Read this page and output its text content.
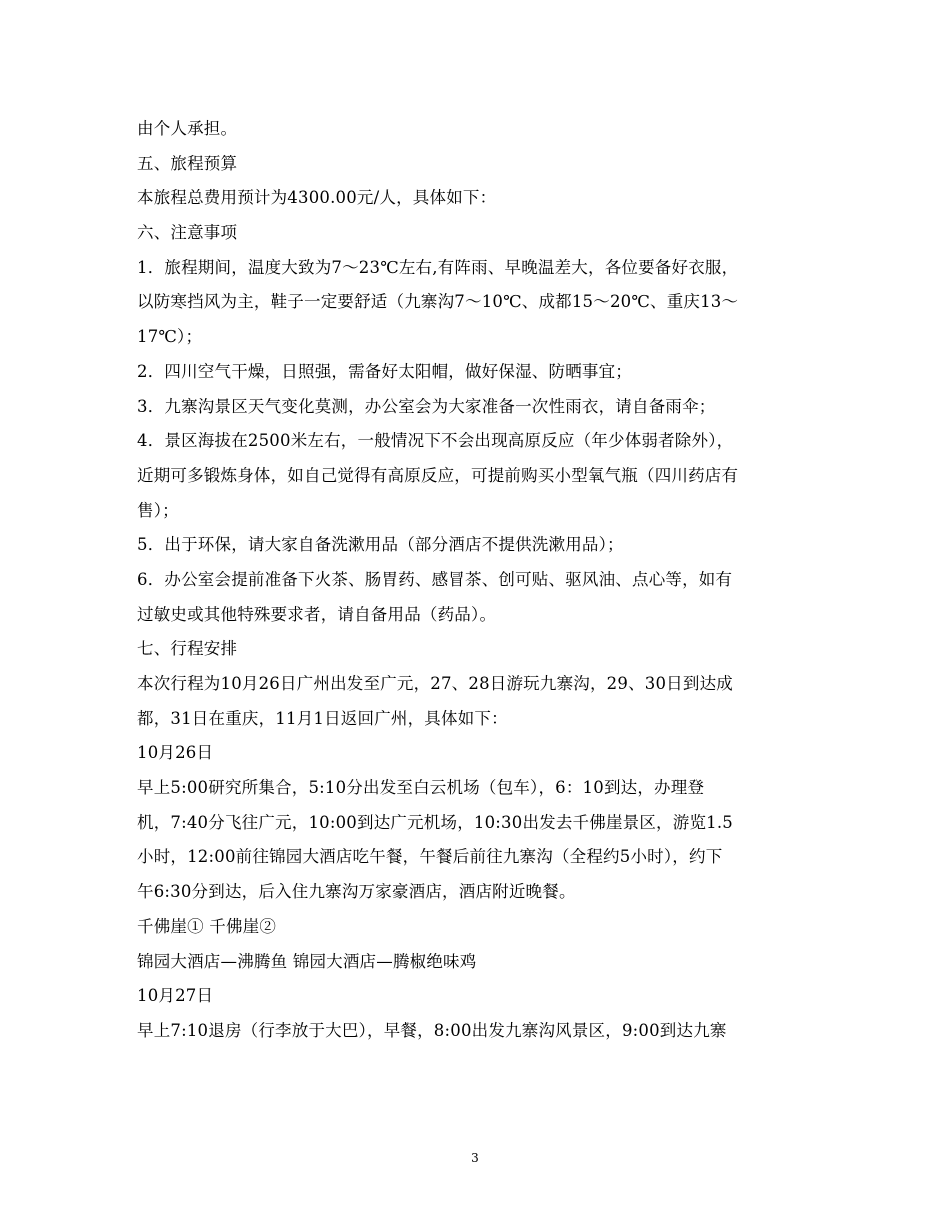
由个人承担。
五、旅程预算
本旅程总费用预计为4300.00元/人，具体如下：
六、注意事项
1．旅程期间，温度大致为7～23℃左右,有阵雨、早晚温差大，各位要备好衣服，
以防寒挡风为主，鞋子一定要舒适（九寨沟7～10℃、成都15～20℃、重庆13～
17℃）；
2．四川空气干燥，日照强，需备好太阳帽，做好保湿、防晒事宜；
3．九寨沟景区天气变化莫测，办公室会为大家准备一次性雨衣，请自备雨伞；
4．景区海拔在2500米左右，一般情况下不会出现高原反应（年少体弱者除外），
近期可多锻炼身体，如自己觉得有高原反应，可提前购买小型氧气瓶（四川药店有
售）；
5．出于环保，请大家自备洗漱用品（部分酒店不提供洗漱用品）；
6．办公室会提前准备下火茶、肠胃药、感冒茶、创可贴、驱风油、点心等，如有
过敏史或其他特殊要求者，请自备用品（药品）。
七、行程安排
本次行程为10月26日广州出发至广元，27、28日游玩九寨沟，29、30日到达成
都，31日在重庆，11月1日返回广州，具体如下：
10月26日
早上5:00研究所集合，5:10分出发至白云机场（包车），6：10到达，办理登
机，7:40分飞往广元，10:00到达广元机场，10:30出发去千佛崖景区，游览1.5
小时，12:00前往锦园大酒店吃午餐，午餐后前往九寨沟（全程约5小时），约下
午6:30分到达，后入住九寨沟万家豪酒店，酒店附近晚餐。
千佛崖① 千佛崖②
锦园大酒店—沸腾鱼 锦园大酒店—腾椒绝味鸡
10月27日
早上7:10退房（行李放于大巴），早餐，8:00出发九寨沟风景区，9:00到达九寨
3
